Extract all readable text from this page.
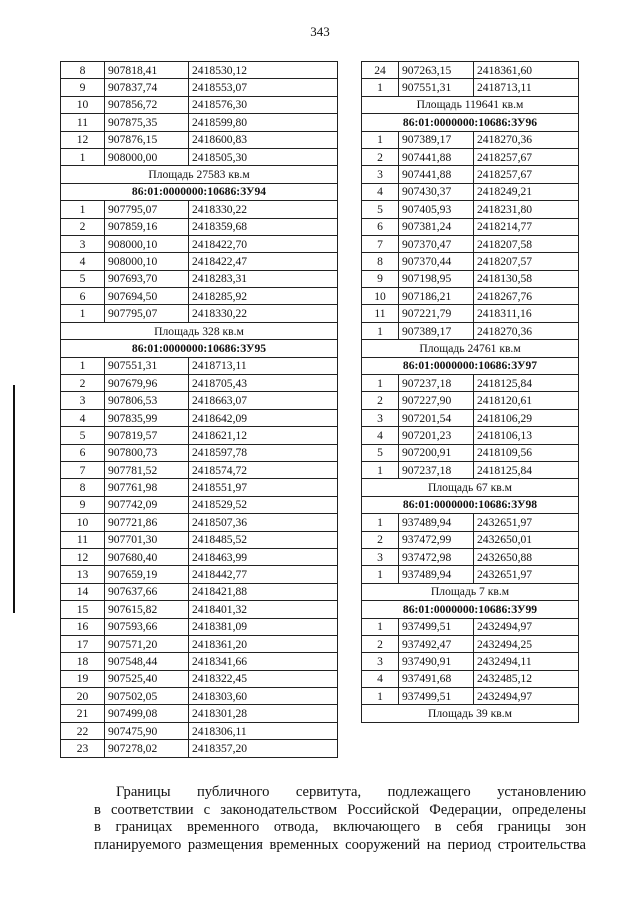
343
8	907818,41	2418530,12
9	907837,74	2418553,07
10	907856,72	2418576,30
11	907875,35	2418599,80
12	907876,15	2418600,83
1	908000,00	2418505,30
Площадь 27583 кв.м		
86:01:0000000:10686:ЗУ94		
1	907795,07	2418330,22
2	907859,16	2418359,68
3	908000,10	2418422,70
4	908000,10	2418422,47
5	907693,70	2418283,31
6	907694,50	2418285,92
1	907795,07	2418330,22
Площадь 328 кв.м		
86:01:0000000:10686:ЗУ95		
1	907551,31	2418713,11
2	907679,96	2418705,43
3	907806,53	2418663,07
4	907835,99	2418642,09
5	907819,57	2418621,12
6	907800,73	2418597,78
7	907781,52	2418574,72
8	907761,98	2418551,97
9	907742,09	2418529,52
10	907721,86	2418507,36
11	907701,30	2418485,52
12	907680,40	2418463,99
13	907659,19	2418442,77
14	907637,66	2418421,88
15	907615,82	2418401,32
16	907593,66	2418381,09
17	907571,20	2418361,20
18	907548,44	2418341,66
19	907525,40	2418322,45
20	907502,05	2418303,60
21	907499,08	2418301,28
22	907475,90	2418306,11
23	907278,02	2418357,20
24	907263,15	2418361,60
1	907551,31	2418713,11
Площадь 119641 кв.м		
86:01:0000000:10686:ЗУ96		
1	907389,17	2418270,36
2	907441,88	2418257,67
3	907441,88	2418257,67
4	907430,37	2418249,21
5	907405,93	2418231,80
6	907381,24	2418214,77
7	907370,47	2418207,58
8	907370,44	2418207,57
9	907198,95	2418130,58
10	907186,21	2418267,76
11	907221,79	2418311,16
1	907389,17	2418270,36
Площадь 24761 кв.м		
86:01:0000000:10686:ЗУ97		
1	907237,18	2418125,84
2	907227,90	2418120,61
3	907201,54	2418106,29
4	907201,23	2418106,13
5	907200,91	2418109,56
1	907237,18	2418125,84
Площадь 67 кв.м		
86:01:0000000:10686:ЗУ98		
1	937489,94	2432651,97
2	937472,99	2432650,01
3	937472,98	2432650,88
1	937489,94	2432651,97
Площадь 7 кв.м		
86:01:0000000:10686:ЗУ99		
1	937499,51	2432494,97
2	937492,47	2432494,25
3	937490,91	2432494,11
4	937491,68	2432485,12
1	937499,51	2432494,97
Площадь 39 кв.м		
Границы публичного сервитута, подлежащего установлению
в соответствии с законодательством Российской Федерации, определены
в границах временного отвода, включающего в себя границы зон
планируемого размещения временных сооружений на период строительства
